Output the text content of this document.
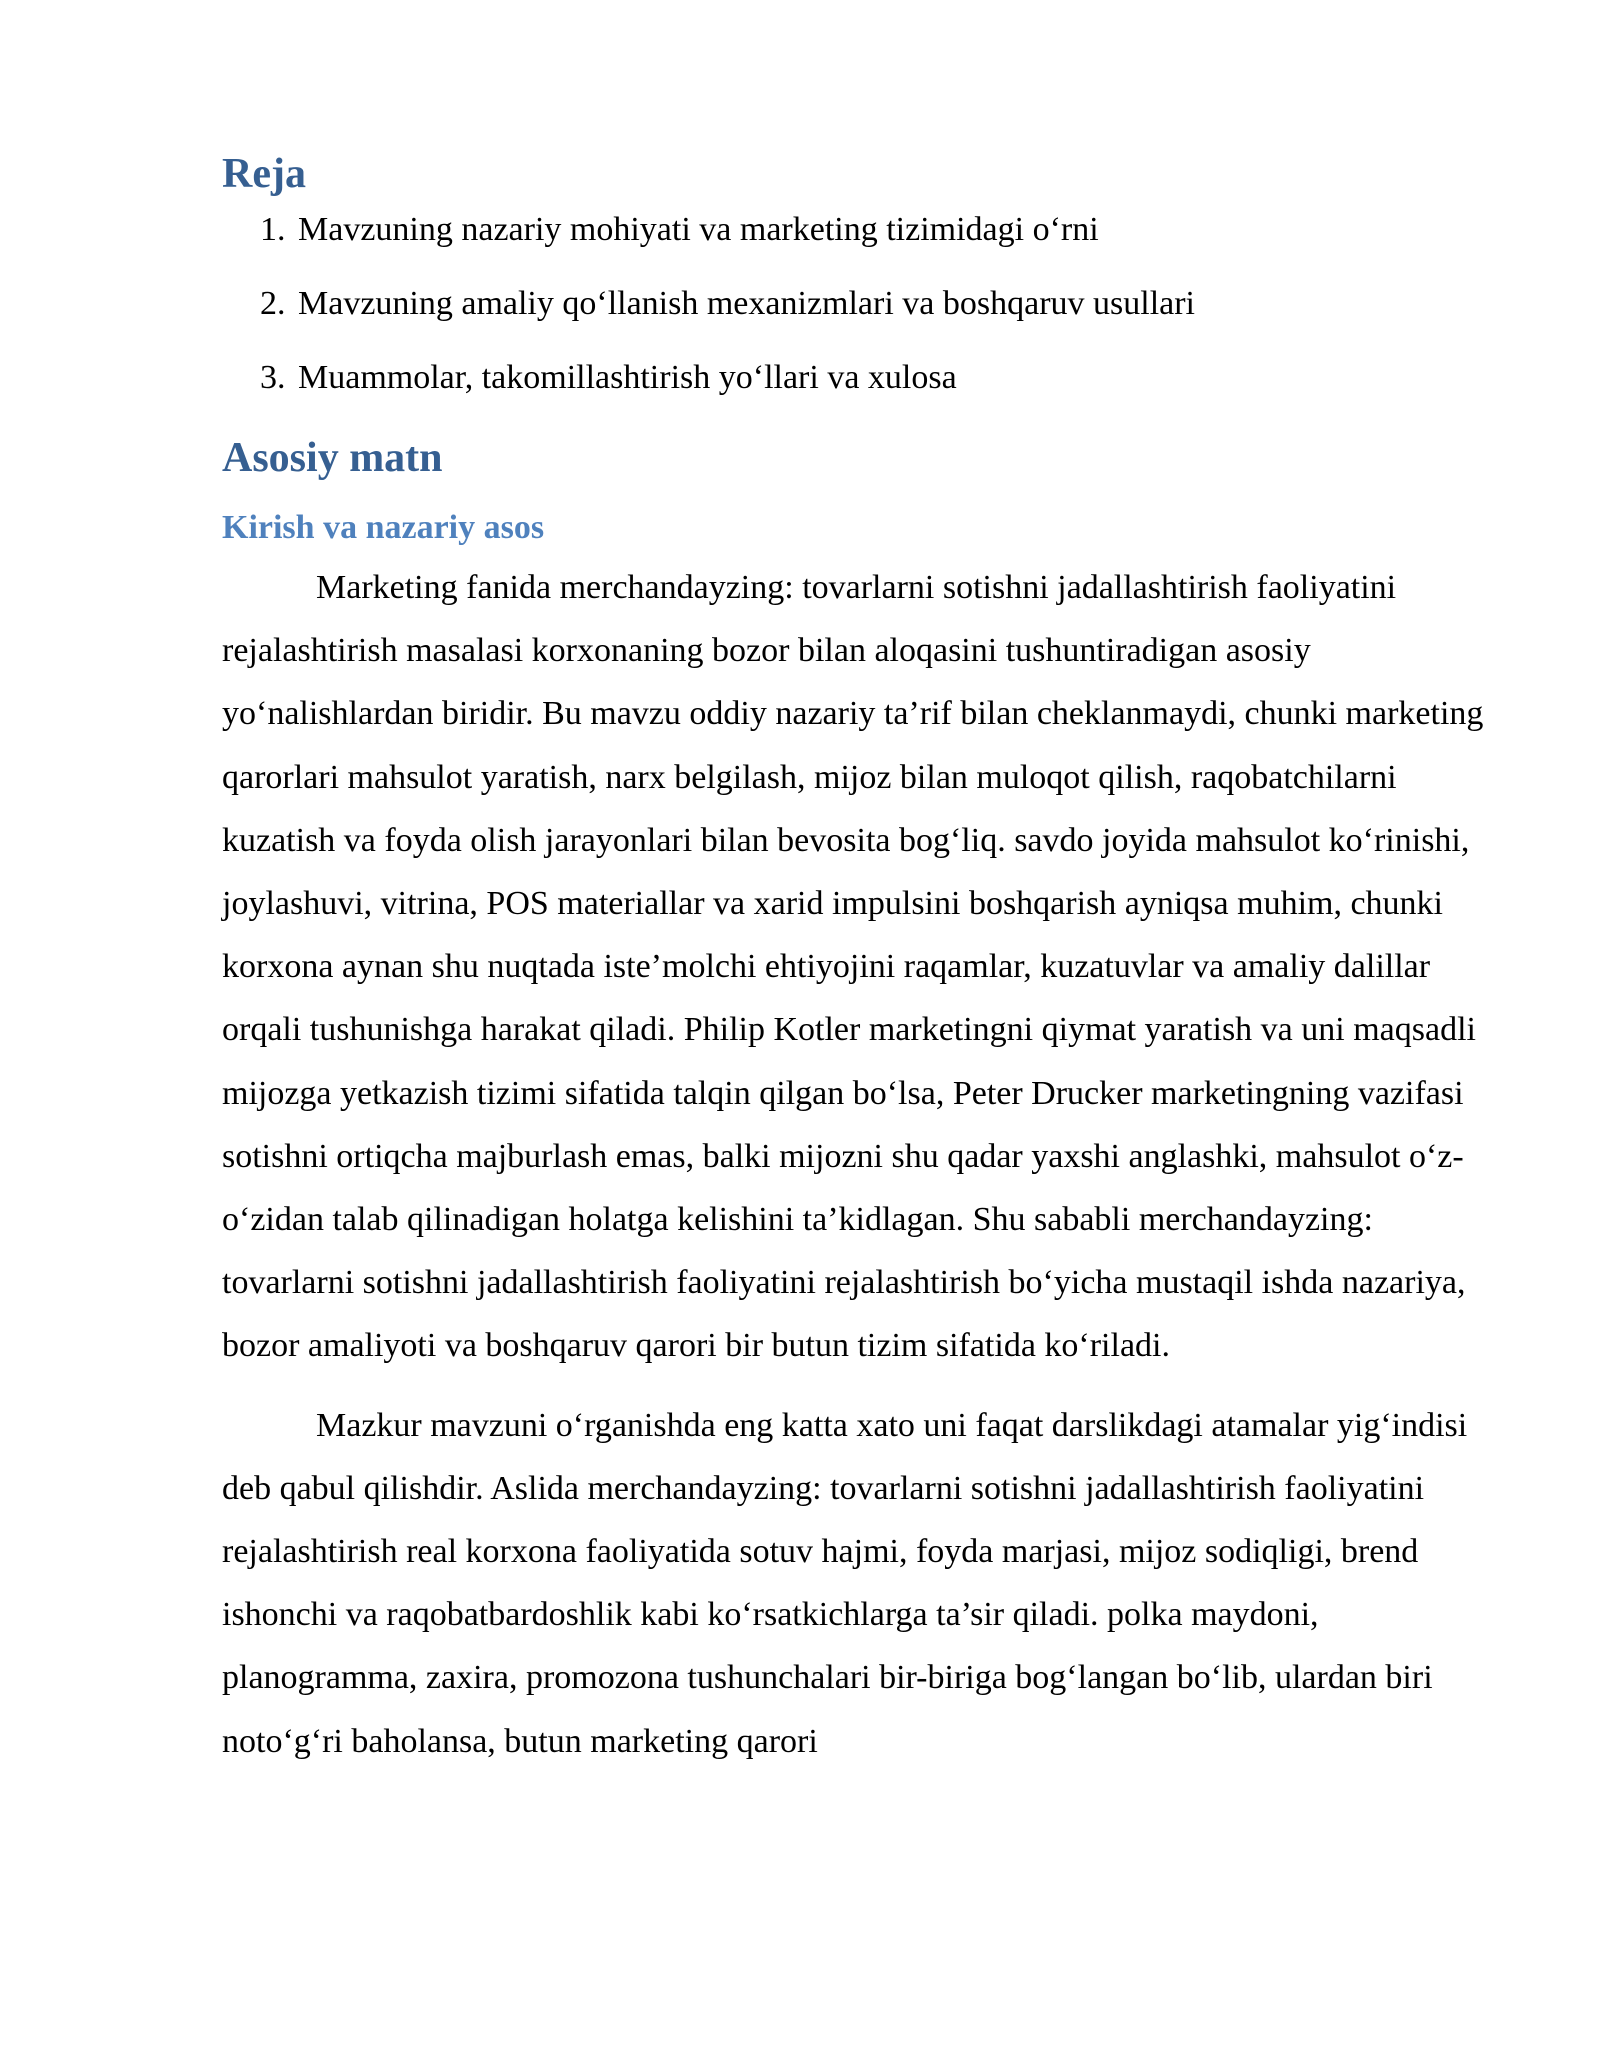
Reja
1. Mavzuning nazariy mohiyati va marketing tizimidagi o‘rni
2. Mavzuning amaliy qo‘llanish mexanizmlari va boshqaruv usullari
3. Muammolar, takomillashtirish yo‘llari va xulosa
Asosiy matn
Kirish va nazariy asos

Marketing fanida merchandayzing: tovarlarni sotishni jadallashtirish faoliyatini rejalashtirish masalasi korxonaning bozor bilan aloqasini tushuntiradigan asosiy yo‘nalishlardan biridir. Bu mavzu oddiy nazariy ta’rif bilan cheklanmaydi, chunki marketing qarorlari mahsulot yaratish, narx belgilash, mijoz bilan muloqot qilish, raqobatchilarni kuzatish va foyda olish jarayonlari bilan bevosita bog‘liq. savdo joyida mahsulot ko‘rinishi, joylashuvi, vitrina, POS materiallar va xarid impulsini boshqarish ayniqsa muhim, chunki korxona aynan shu nuqtada iste’molchi ehtiyojini raqamlar, kuzatuvlar va amaliy dalillar orqali tushunishga harakat qiladi. Philip Kotler marketingni qiymat yaratish va uni maqsadli mijozga yetkazish tizimi sifatida talqin qilgan bo‘lsa, Peter Drucker marketingning vazifasi sotishni ortiqcha majburlash emas, balki mijozni shu qadar yaxshi anglashki, mahsulot o‘z-o‘zidan talab qilinadigan holatga kelishini ta’kidlagan. Shu sababli merchandayzing: tovarlarni sotishni jadallashtirish faoliyatini rejalashtirish bo‘yicha mustaqil ishda nazariya, bozor amaliyoti va boshqaruv qarori bir butun tizim sifatida ko‘riladi.

Mazkur mavzuni o‘rganishda eng katta xato uni faqat darslikdagi atamalar yig‘indisi deb qabul qilishdir. Aslida merchandayzing: tovarlarni sotishni jadallashtirish faoliyatini rejalashtirish real korxona faoliyatida sotuv hajmi, foyda marjasi, mijoz sodiqligi, brend ishonchi va raqobatbardoshlik kabi ko‘rsatkichlarga ta’sir qiladi. polka maydoni, planogramma, zaxira, promozona tushunchalari bir-biriga bog‘langan bo‘lib, ulardan biri noto‘g‘ri baholansa, butun marketing qarori
